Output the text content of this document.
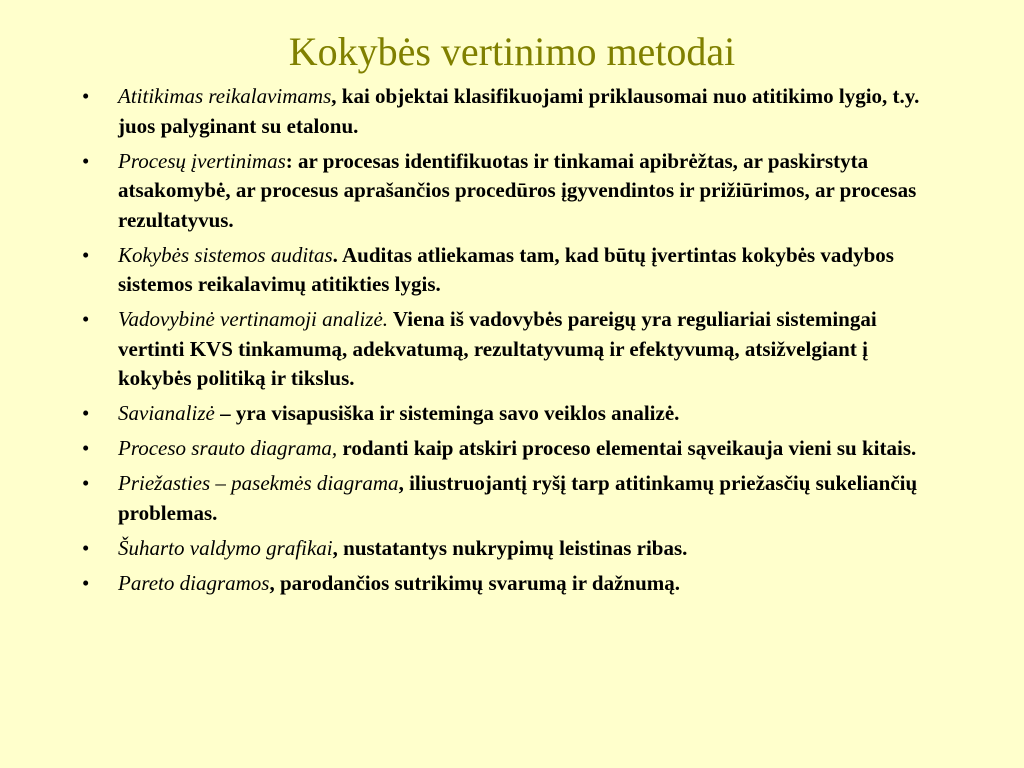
Kokybės vertinimo metodai
• Atitikimas reikalavimams, kai objektai klasifikuojami priklausomai nuo atitikimo lygio, t.y. juos palyginant su etalonu.
• Procesų įvertinimas: ar procesas identifikuotas ir tinkamai apibrėžtas, ar paskirstyta atsakomybė, ar procesus aprašančios procedūros įgyvendintos ir prižiūrimos, ar procesas rezultatyvus.
• Kokybės sistemos auditas. Auditas atliekamas tam, kad būtų įvertintas kokybės vadybos sistemos reikalavimų atitikties lygis.
• Vadovybinė vertinamoji analizė. Viena iš vadovybės pareigų yra reguliariai sistemingai vertinti KVS tinkamumą, adekvatumą, rezultatyvumą ir efektyvumą, atsižvelgiant į kokybės politiką ir tikslus.
• Savianalizė – yra visapusiška ir sisteminga savo veiklos analizė.
• Proceso srauto diagrama, rodanti kaip atskiri proceso elementai sąveikauja vieni su kitais.
• Priežasties – pasekmės diagrama, iliustruojantį ryšį tarp atitinkamų priežasčių sukeliančių problemas.
• Šuharto valdymo grafikai, nustatantys nukrypimų leistinas ribas.
• Pareto diagramos, parodančios sutrikimų svarumą ir dažnumą.
